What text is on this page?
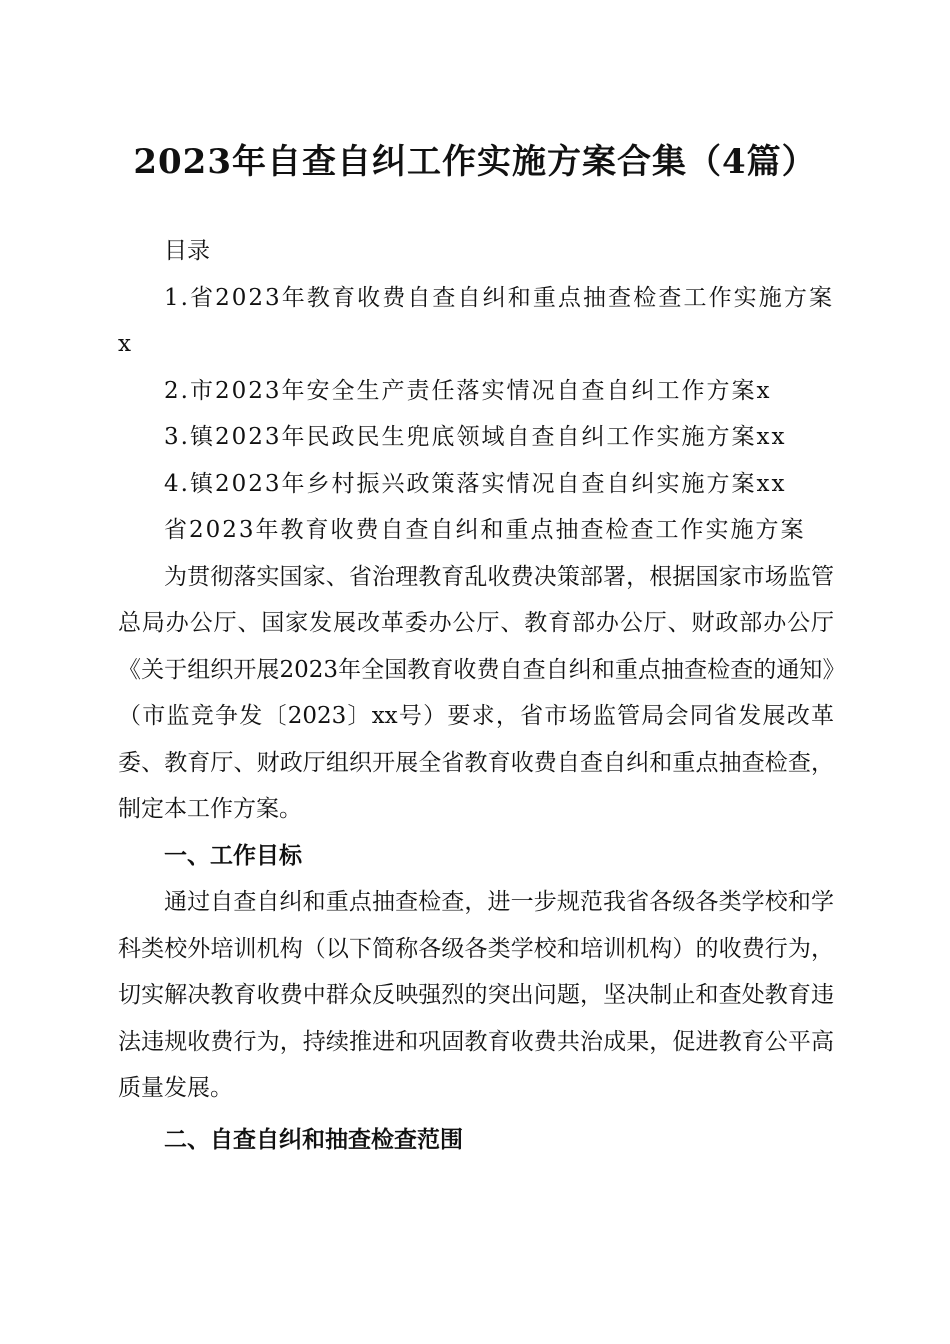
2023年自查自纠工作实施方案合集（4篇）

目录

1.省2023年教育收费自查自纠和重点抽查检查工作实施方案x

2.市2023年安全生产责任落实情况自查自纠工作方案x

3.镇2023年民政民生兜底领域自查自纠工作实施方案xx

4.镇2023年乡村振兴政策落实情况自查自纠实施方案xx

省2023年教育收费自查自纠和重点抽查检查工作实施方案

为贯彻落实国家、省治理教育乱收费决策部署，根据国家市场监管总局办公厅、国家发展改革委办公厅、教育部办公厅、财政部办公厅《关于组织开展2023年全国教育收费自查自纠和重点抽查检查的通知》（市监竞争发〔2023〕xx号）要求，省市场监管局会同省发展改革委、教育厅、财政厅组织开展全省教育收费自查自纠和重点抽查检查，制定本工作方案。

一、工作目标

通过自查自纠和重点抽查检查，进一步规范我省各级各类学校和学科类校外培训机构（以下简称各级各类学校和培训机构）的收费行为，切实解决教育收费中群众反映强烈的突出问题，坚决制止和查处教育违法违规收费行为，持续推进和巩固教育收费共治成果，促进教育公平高质量发展。

二、自查自纠和抽查检查范围
